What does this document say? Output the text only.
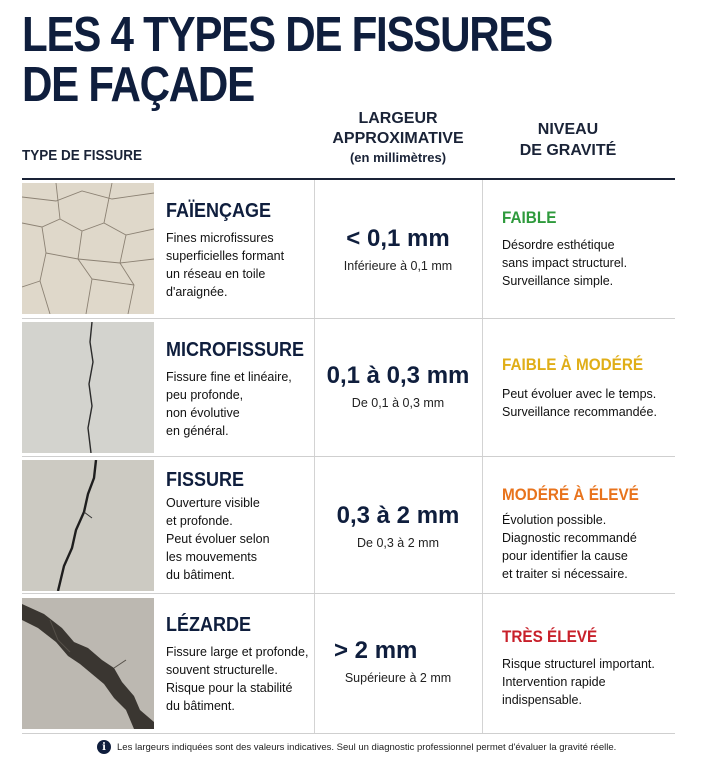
LES 4 TYPES DE FISSURES
DE FAÇADE
TYPE DE FISSURE
LARGEUR
APPROXIMATIVE
(en millimètres)
NIVEAU
DE GRAVITÉ
FAÏENÇAGE
Fines microfissures
superficielles formant
un réseau en toile
d'araignée.
< 0,1 mm
Inférieure à 0,1 mm
FAIBLE
Désordre esthétique
sans impact structurel.
Surveillance simple.
MICROFISSURE
Fissure fine et linéaire,
peu profonde,
non évolutive
en général.
0,1 à 0,3 mm
De 0,1 à 0,3 mm
FAIBLE À MODÉRÉ
Peut évoluer avec le temps.
Surveillance recommandée.
FISSURE
Ouverture visible
et profonde.
Peut évoluer selon
les mouvements
du bâtiment.
0,3 à 2 mm
De 0,3 à 2 mm
MODÉRÉ À ÉLEVÉ
Évolution possible.
Diagnostic recommandé
pour identifier la cause
et traiter si nécessaire.
LÉZARDE
Fissure large et profonde,
souvent structurelle.
Risque pour la stabilité
du bâtiment.
> 2 mm
Supérieure à 2 mm
TRÈS ÉLEVÉ
Risque structurel important.
Intervention rapide
indispensable.
i	Les largeurs indiquées sont des valeurs indicatives. Seul un diagnostic professionnel permet d'évaluer la gravité réelle.
